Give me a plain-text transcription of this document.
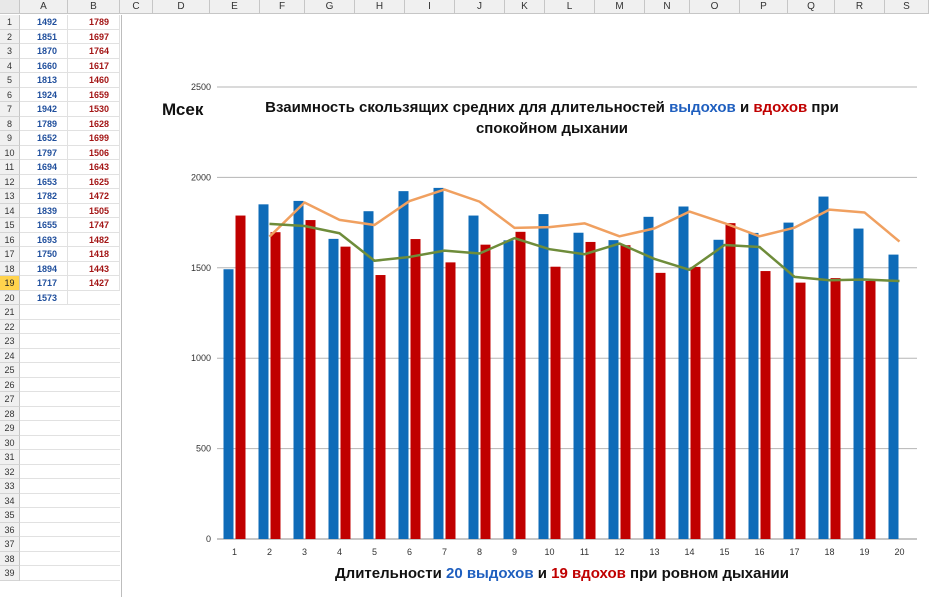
A	B	C	D	E	F	G	H	I	J	K	L	M	N	O	P	Q	R	S
1
2
3
4
5
6
7
8
9
10
11
12
13
14
15
16
17
18
19
20
21
22
23
24
25
26
27
28
29
30
31
32
33
34
35
36
37
38
39
1492	1789
1851	1697
1870	1764
1660	1617
1813	1460
1924	1659
1942	1530
1789	1628
1652	1699
1797	1506
1694	1643
1653	1625
1782	1472
1839	1505
1655	1747
1693	1482
1750	1418
1894	1443
1717	1427
1573
0
500
1000
1500
2000
2500
1	2	3	4	5	6	7	8	9	10	11	12	13	14	15	16	17	18	19	20
Мсек	Взаимность скользящих средних для длительностей выдохов и вдохов при
спокойном дыхании
Длительности 20 выдохов и 19 вдохов при ровном дыхании
